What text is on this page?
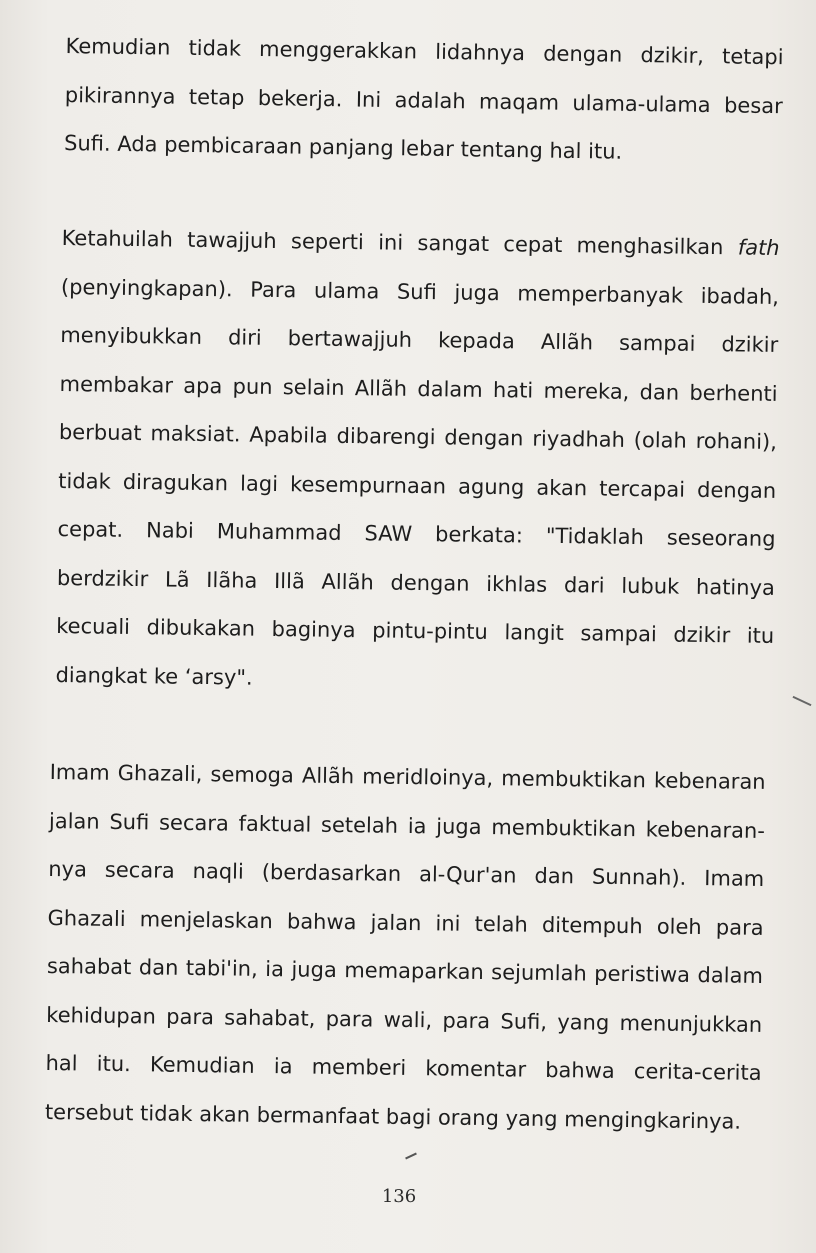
Kemudian tidak menggerakkan lidahnya dengan dzikir, tetapi
pikirannya tetap bekerja. Ini adalah maqam ulama-ulama besar
Sufi. Ada pembicaraan panjang lebar tentang hal itu.
Ketahuilah tawajjuh seperti ini sangat cepat menghasilkan fath
(penyingkapan). Para ulama Sufi juga memperbanyak ibadah,
menyibukkan diri bertawajjuh kepada Allãh sampai dzikir
membakar apa pun selain Allãh dalam hati mereka, dan berhenti
berbuat maksiat. Apabila dibarengi dengan riyadhah (olah rohani),
tidak diragukan lagi kesempurnaan agung akan tercapai dengan
cepat. Nabi Muhammad SAW berkata: "Tidaklah seseorang
berdzikir Lã Ilãha Illã Allãh dengan ikhlas dari lubuk hatinya
kecuali dibukakan baginya pintu-pintu langit sampai dzikir itu
diangkat ke ‘arsy".
Imam Ghazali, semoga Allãh meridloinya, membuktikan kebenaran
jalan Sufi secara faktual setelah ia juga membuktikan kebenaran-
nya secara naqli (berdasarkan al-Qur'an dan Sunnah). Imam
Ghazali menjelaskan bahwa jalan ini telah ditempuh oleh para
sahabat dan tabi'in, ia juga memaparkan sejumlah peristiwa dalam
kehidupan para sahabat, para wali, para Sufi, yang menunjukkan
hal itu. Kemudian ia memberi komentar bahwa cerita-cerita
tersebut tidak akan bermanfaat bagi orang yang mengingkarinya.
136
